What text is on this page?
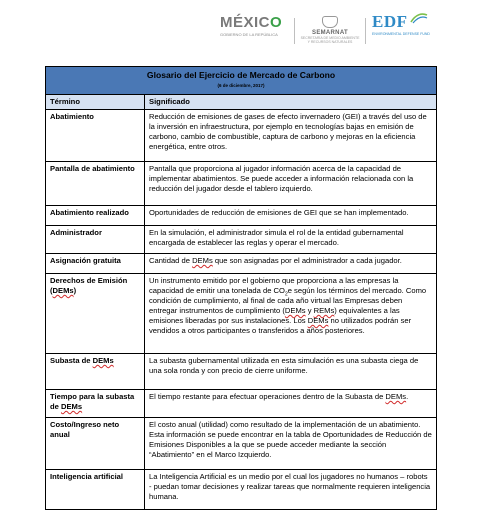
MÉXICO
GOBIERNO DE LA REPÚBLICA	SEMARNAT
SECRETARÍA DE MEDIO AMBIENTE Y RECURSOS NATURALES
EDF
ENVIRONMENTAL DEFENSE FUND
Glosario del Ejercicio de Mercado de Carbono
(6 de diciembre, 2017)	

Término	Significado
Abatimiento	Reducción de emisiones de gases de efecto invernadero (GEI) a través del uso de la inversión en infraestructura, por ejemplo en tecnologías bajas en emisión de carbono, cambio de combustible, captura de carbono y mejoras en la eficiencia energética, entre otros.
Pantalla de abatimiento	Pantalla que proporciona al jugador información acerca de la capacidad de implementar abatimientos. Se puede acceder a información relacionada con la reducción del jugador desde el tablero izquierdo.
Abatimiento realizado	Oportunidades de reducción de emisiones de GEI que se han implementado.
Administrador	En la simulación, el administrador simula el rol de la entidad gubernamental encargada de establecer las reglas y operar el mercado.
Asignación gratuita	Cantidad de DEMs que son asignadas por el administrador a cada jugador.
Derechos de Emisión (DEMs)	Un instrumento emitido por el gobierno que proporciona a las empresas la capacidad de emitir una tonelada de $CO_2e$ según los términos del mercado. Como condición de cumplimiento, al final de cada año virtual las Empresas deben entregar instrumentos de cumplimiento (DEMs y REMs) equivalentes a las emisiones liberadas por sus instalaciones. Los DEMs no utilizados podrán ser vendidos a otros participantes o transferidos a años posteriores.
Subasta de DEMs	La subasta gubernamental utilizada en esta simulación es una subasta ciega de una sola ronda y con precio de cierre uniforme.
Tiempo para la subasta de DEMs	El tiempo restante para efectuar operaciones dentro de la Subasta de DEMs.
Costo/Ingreso neto anual	El costo anual (utilidad) como resultado de la implementación de un abatimiento. Esta información se puede encontrar en la tabla de Oportunidades de Reducción de Emisiones Disponibles a la que se puede acceder mediante la sección “Abatimiento” en el Marco Izquierdo.
Inteligencia artificial	La Inteligencia Artificial es un medio por el cual los jugadores no humanos – robots - puedan tomar decisiones y realizar tareas que normalmente requieren inteligencia humana.
